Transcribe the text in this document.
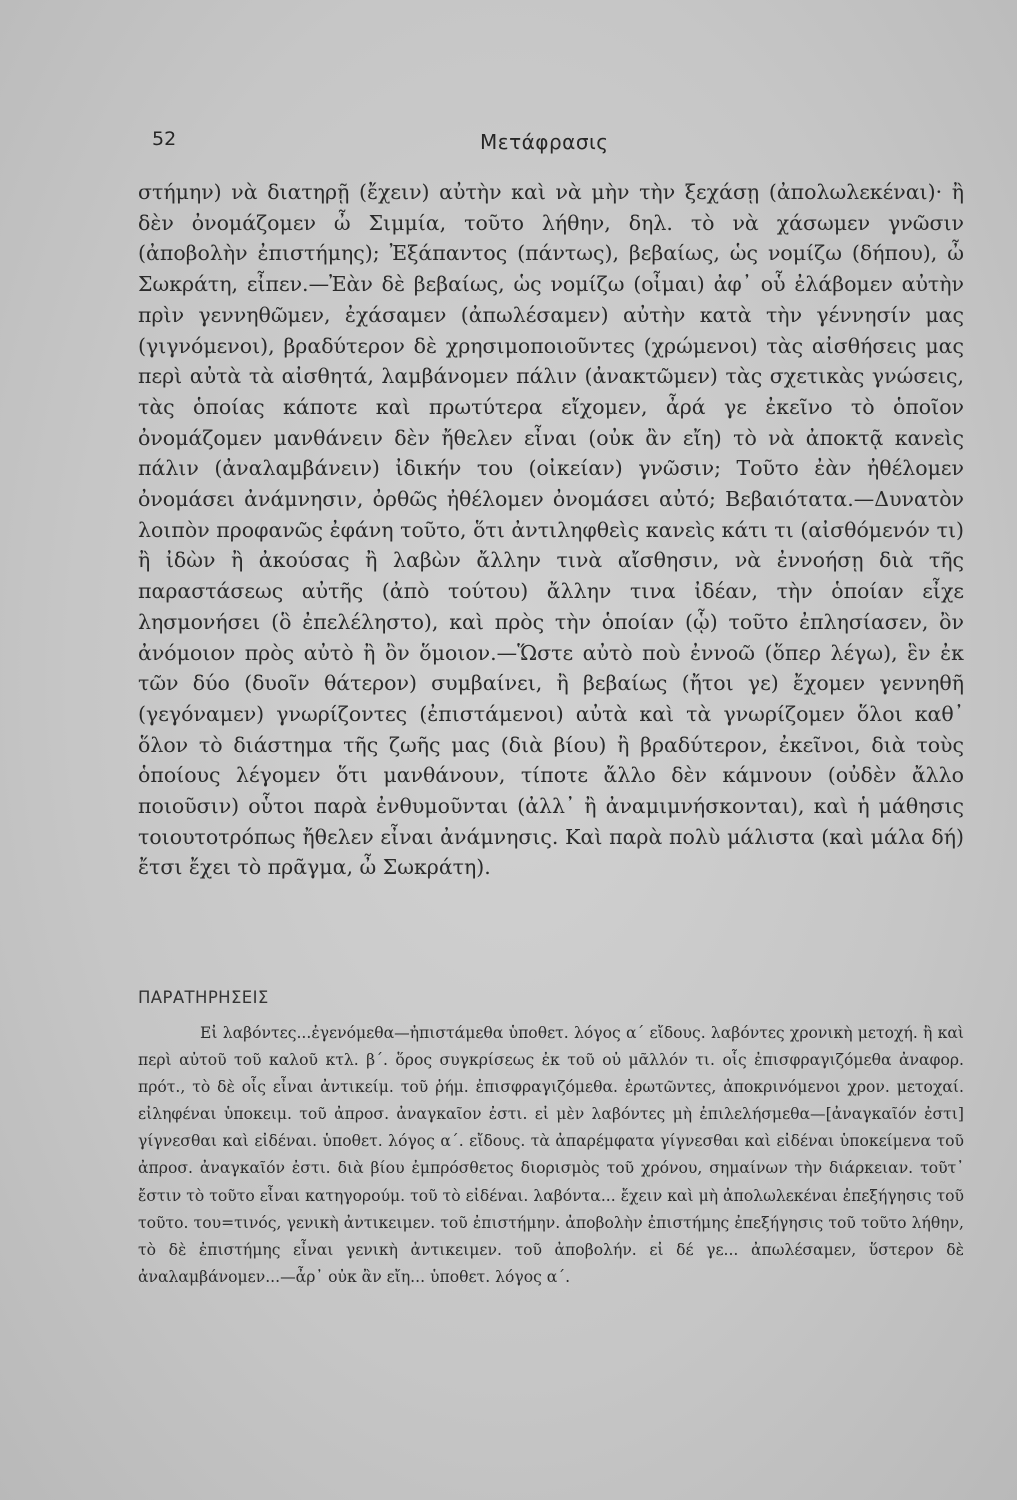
52	Μετάφρασις

στήμην) νὰ διατηρῇ (ἔχειν) αὐτὴν καὶ νὰ μὴν τὴν ξεχάσῃ (ἀπολωλεκέναι)· ἢ δὲν ὀνομάζομεν ὦ Σιμμία, τοῦτο λήθην, δηλ. τὸ νὰ χάσωμεν γνῶσιν (ἀποβολὴν ἐπιστήμης); Ἐξάπαντος (πάντως), βεβαίως, ὡς νομίζω (δήπου), ὦ Σωκράτη, εἶπεν.—Ἐὰν δὲ βεβαίως, ὡς νομίζω (οἶμαι) ἀφ᾽ οὗ ἐλάβομεν αὐτὴν πρὶν γεννηθῶμεν, ἐχάσαμεν (ἀπωλέσαμεν) αὐτὴν κατὰ τὴν γέννησίν μας (γιγνόμενοι), βραδύτερον δὲ χρησιμοποιοῦντες (χρώμενοι) τὰς αἰσθήσεις μας περὶ αὐτὰ τὰ αἰσθητά, λαμβάνομεν πάλιν (ἀνακτῶμεν) τὰς σχετικὰς γνώσεις, τὰς ὁποίας κάποτε καὶ πρωτύτερα εἴχομεν, ἆρά γε ἐκεῖνο τὸ ὁποῖον ὀνομάζομεν μανθάνειν δὲν ἤθελεν εἶναι (οὐκ ἂν εἴη) τὸ νὰ ἀποκτᾷ κανεὶς πάλιν (ἀναλαμβάνειν) ἰδικήν του (οἰκείαν) γνῶσιν; Τοῦτο ἐὰν ἠθέλομεν ὀνομάσει ἀνάμνησιν, ὀρθῶς ἠθέλομεν ὀνομάσει αὐτό; Βεβαιότατα.—Δυνατὸν λοιπὸν προφανῶς ἐφάνη τοῦτο, ὅτι ἀντιληφθεὶς κανεὶς κάτι τι (αἰσθόμενόν τι) ἢ ἰδὼν ἢ ἀκούσας ἢ λαβὼν ἄλλην τινὰ αἴσθησιν, νὰ ἐννοήσῃ διὰ τῆς παραστάσεως αὐτῆς (ἀπὸ τούτου) ἄλλην τινα ἰδέαν, τὴν ὁποίαν εἶχε λησμονήσει (ὃ ἐπελέληστο), καὶ πρὸς τὴν ὁποίαν (ᾧ) τοῦτο ἐπλησίασεν, ὂν ἀνόμοιον πρὸς αὐτὸ ἢ ὂν ὅμοιον.—Ὥστε αὐτὸ ποὺ ἐννοῶ (ὅπερ λέγω), ἓν ἐκ τῶν δύο (δυοῖν θάτερον) συμβαίνει, ἢ βεβαίως (ἤτοι γε) ἔχομεν γεννηθῆ (γεγόναμεν) γνωρίζοντες (ἐπιστάμενοι) αὐτὰ καὶ τὰ γνωρίζομεν ὅλοι καθ᾽ ὅλον τὸ διάστημα τῆς ζωῆς μας (διὰ βίου) ἢ βραδύτερον, ἐκεῖνοι, διὰ τοὺς ὁποίους λέγομεν ὅτι μανθάνουν, τίποτε ἄλλο δὲν κάμνουν (οὐδὲν ἄλλο ποιοῦσιν) οὗτοι παρὰ ἐνθυμοῦνται (ἀλλ᾽ ἢ ἀναμιμνήσκονται), καὶ ἡ μάθησις τοιουτοτρόπως ἤθελεν εἶναι ἀνάμνησις. Καὶ παρὰ πολὺ μάλιστα (καὶ μάλα δή) ἔτσι ἔχει τὸ πρᾶγμα, ὦ Σωκράτη).

ΠΑΡΑΤΗΡΗΣΕΙΣ

Εἰ λαβόντες...ἐγενόμεθα—ἠπιστάμεθα ὑποθετ. λόγος α΄ εἴδους. λαβόντες χρονικὴ μετοχή. ἢ καὶ περὶ αὐτοῦ τοῦ καλοῦ κτλ. β΄. ὅρος συγκρίσεως ἐκ τοῦ οὐ μᾶλλόν τι. οἷς ἐπισφραγιζόμεθα ἀναφορ. πρότ., τὸ δὲ οἷς εἶναι ἀντικείμ. τοῦ ῥήμ. ἐπισφραγιζόμεθα. ἐρωτῶντες, ἀποκρινόμενοι χρον. μετοχαί. εἰληφέναι ὑποκειμ. τοῦ ἀπροσ. ἀναγκαῖον ἐστι. εἰ μὲν λαβόντες μὴ ἐπιλελήσμεθα—[ἀναγκαῖόν ἐστι] γίγνεσθαι καὶ εἰδέναι. ὑποθετ. λόγος α΄. εἴδους. τὰ ἀπαρέμφατα γίγνεσθαι καὶ εἰδέναι ὑποκείμενα τοῦ ἀπροσ. ἀναγκαῖόν ἐστι. διὰ βίου ἐμπρόσθετος διορισμὸς τοῦ χρόνου, σημαίνων τὴν διάρκειαν. τοῦτ᾽ ἔστιν τὸ τοῦτο εἶναι κατηγορούμ. τοῦ τὸ εἰδέναι. λαβόντα... ἔχειν καὶ μὴ ἀπολωλεκέναι ἐπεξήγησις τοῦ τοῦτο. του=τινός, γενικὴ ἀντικειμεν. τοῦ ἐπιστήμην. ἀποβολὴν ἐπιστήμης ἐπεξήγησις τοῦ τοῦτο λήθην, τὸ δὲ ἐπιστήμης εἶναι γενικὴ ἀντικειμεν. τοῦ ἀποβολήν. εἰ δέ γε... ἀπωλέσαμεν, ὕστερον δὲ ἀναλαμβάνομεν...—ἆρ᾽ οὐκ ἂν εἴη... ὑποθετ. λόγος α΄.
